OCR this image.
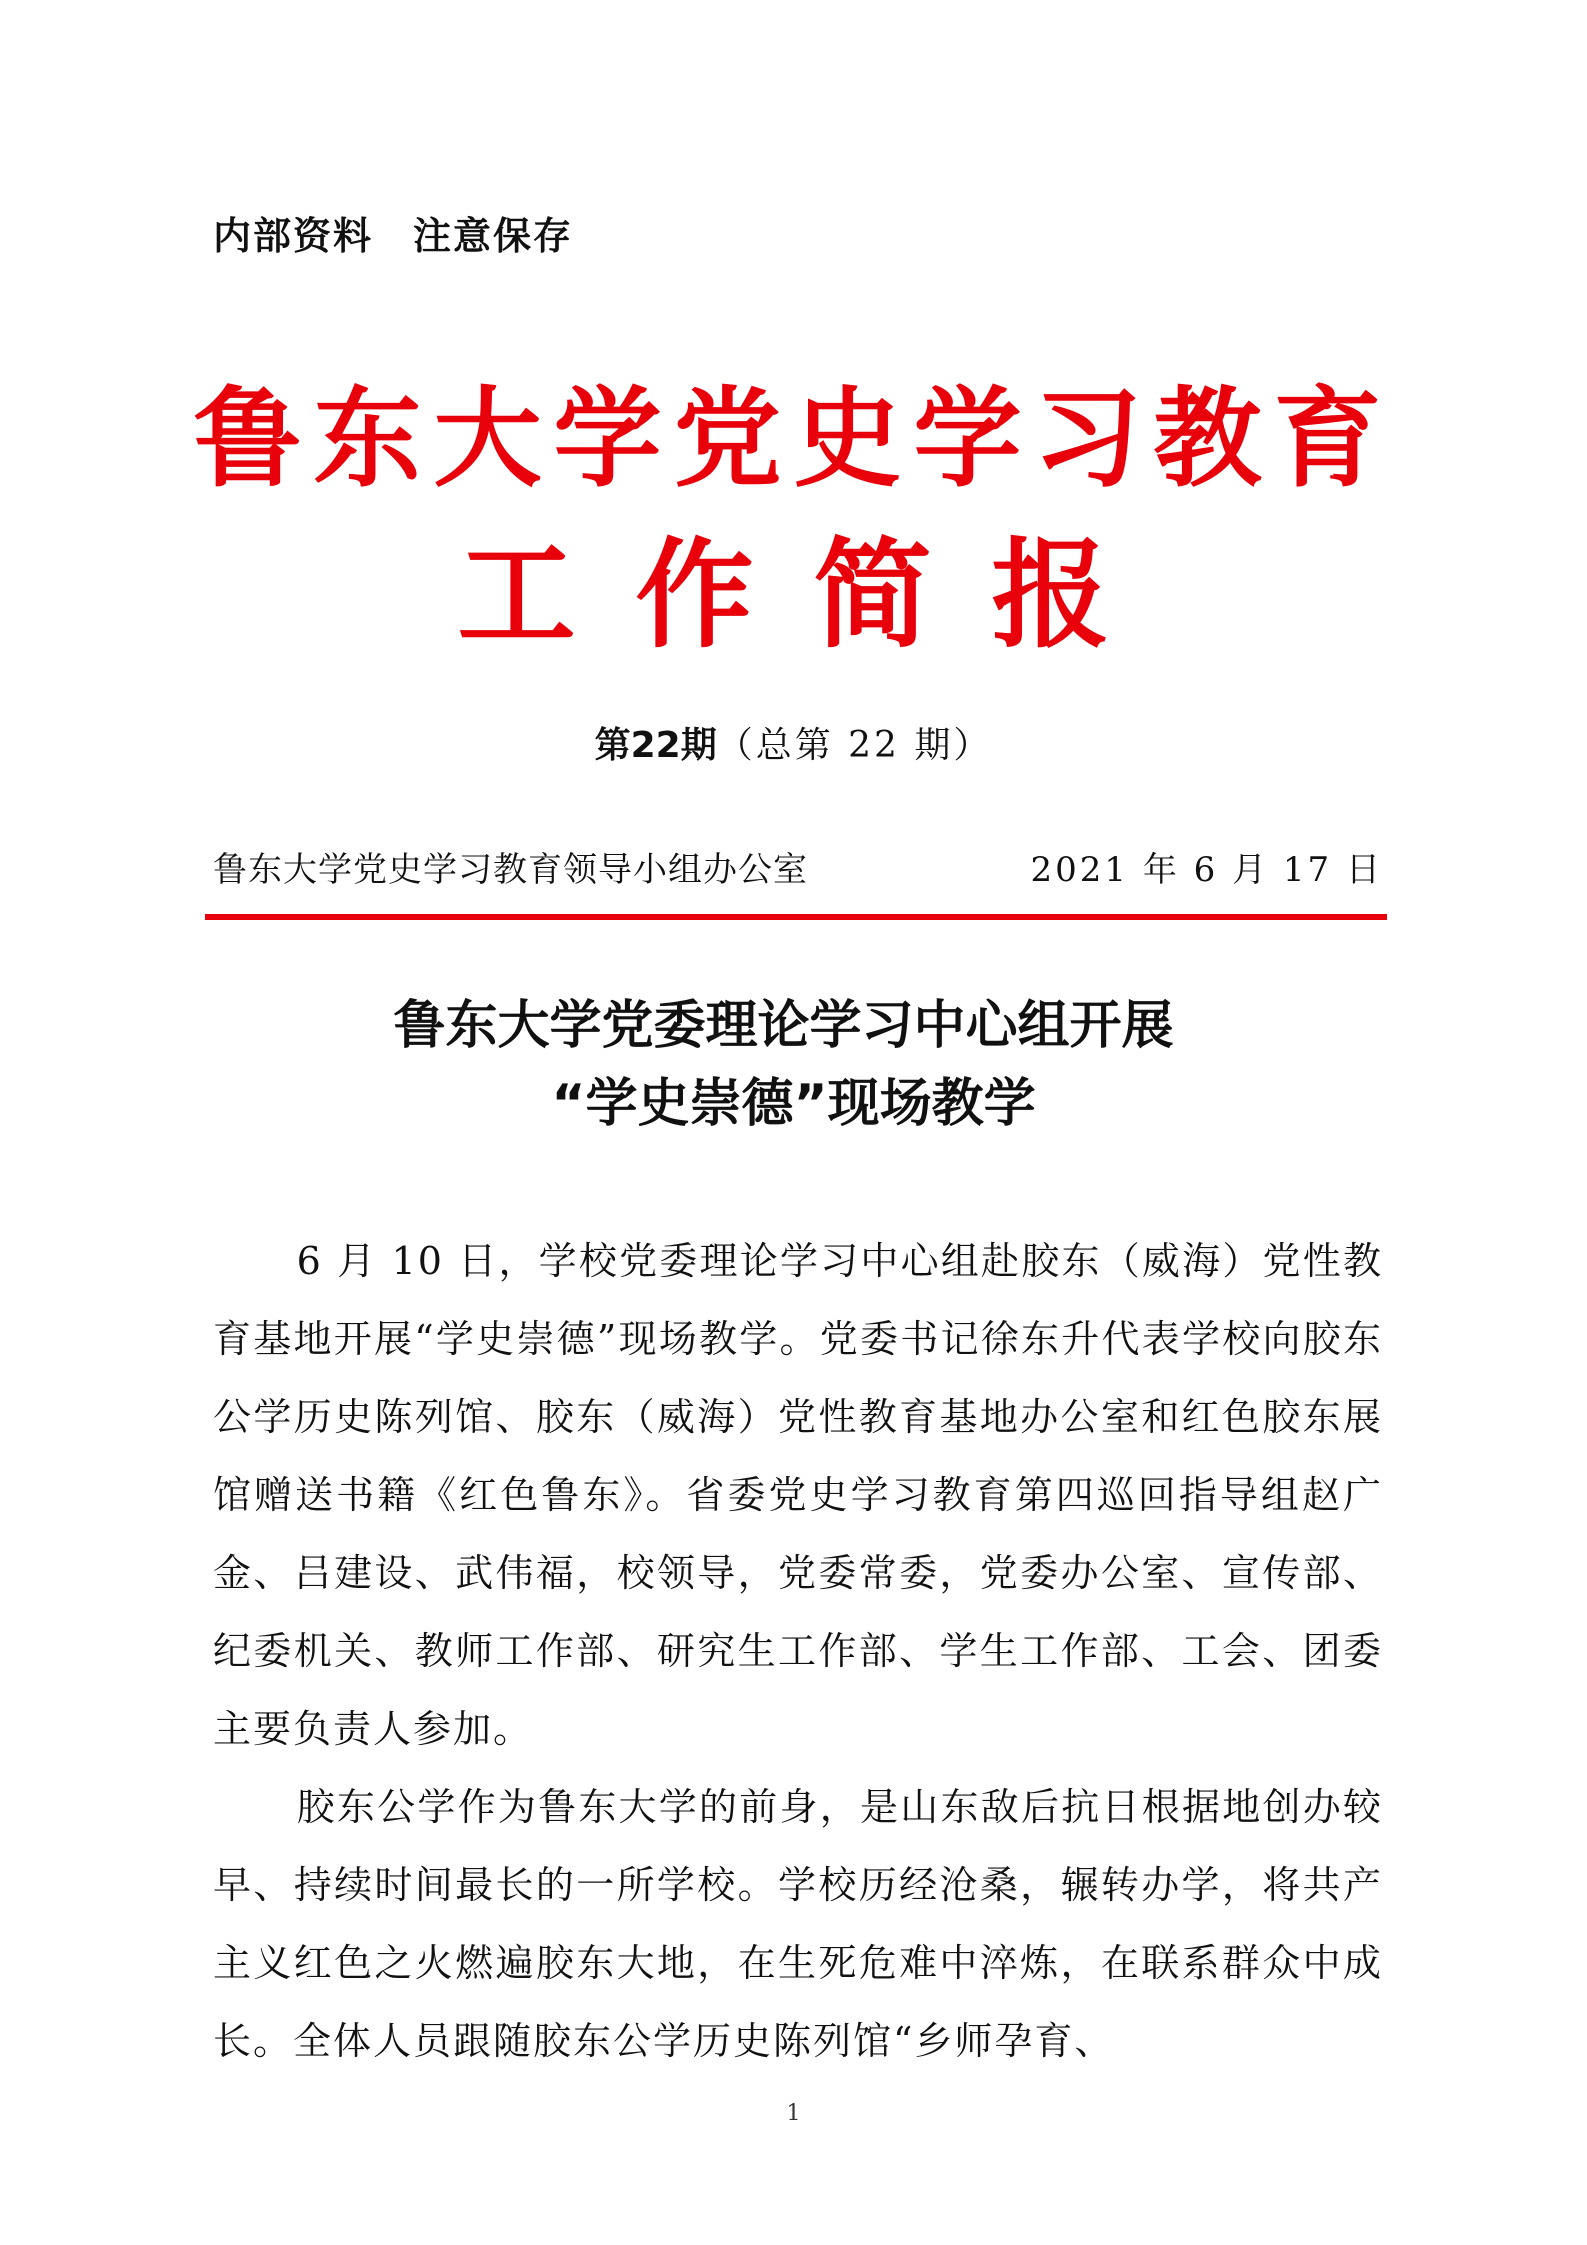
内部资料　注意保存
鲁东大学党史学习教育
工作简报
第22期（总第 22 期）
鲁东大学党史学习教育领导小组办公室	2021 年 6 月 17 日
鲁东大学党委理论学习中心组开展
“学史崇德”现场教学

6 月 10 日，学校党委理论学习中心组赴胶东（威海）党性教育基地开展“学史崇德”现场教学。党委书记徐东升代表学校向胶东公学历史陈列馆、胶东（威海）党性教育基地办公室和红色胶东展馆赠送书籍《红色鲁东》。省委党史学习教育第四巡回指导组赵广金、吕建设、武伟福，校领导，党委常委，党委办公室、宣传部、纪委机关、教师工作部、研究生工作部、学生工作部、工会、团委主要负责人参加。

胶东公学作为鲁东大学的前身，是山东敌后抗日根据地创办较早、持续时间最长的一所学校。学校历经沧桑，辗转办学，将共产主义红色之火燃遍胶东大地，在生死危难中淬炼，在联系群众中成长。全体人员跟随胶东公学历史陈列馆“乡师孕育、

1
